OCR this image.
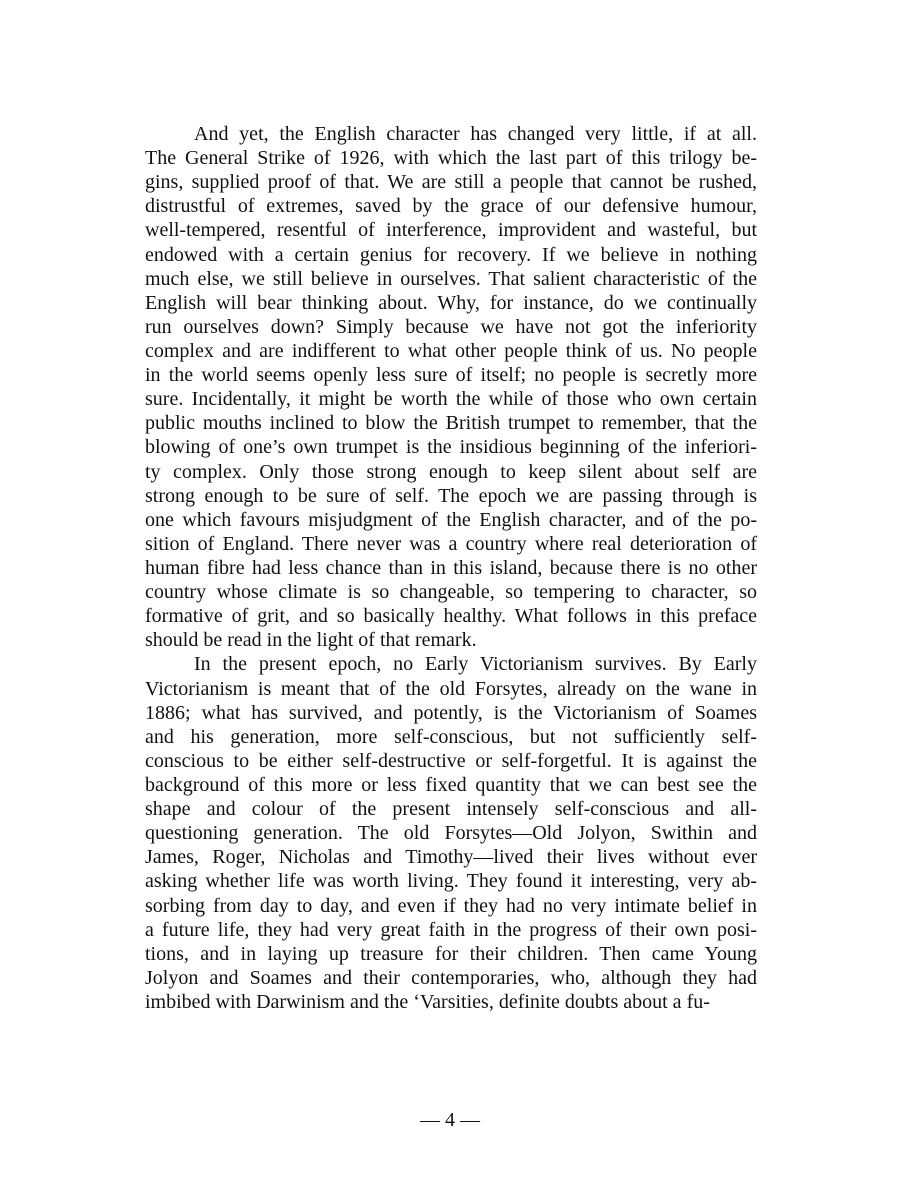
And yet, the English character has changed very little, if at all.
The General Strike of 1926, with which the last part of this trilogy be-
gins, supplied proof of that. We are still a people that cannot be rushed,
distrustful of extremes, saved by the grace of our defensive humour,
well-tempered, resentful of interference, improvident and wasteful, but
endowed with a certain genius for recovery. If we believe in nothing
much else, we still believe in ourselves. That salient characteristic of the
English will bear thinking about. Why, for instance, do we continually
run ourselves down? Simply because we have not got the inferiority
complex and are indifferent to what other people think of us. No people
in the world seems openly less sure of itself; no people is secretly more
sure. Incidentally, it might be worth the while of those who own certain
public mouths inclined to blow the British trumpet to remember, that the
blowing of one’s own trumpet is the insidious beginning of the inferiori-
ty complex. Only those strong enough to keep silent about self are
strong enough to be sure of self. The epoch we are passing through is
one which favours misjudgment of the English character, and of the po-
sition of England. There never was a country where real deterioration of
human fibre had less chance than in this island, because there is no other
country whose climate is so changeable, so tempering to character, so
formative of grit, and so basically healthy. What follows in this preface
should be read in the light of that remark.
In the present epoch, no Early Victorianism survives. By Early
Victorianism is meant that of the old Forsytes, already on the wane in
1886; what has survived, and potently, is the Victorianism of Soames
and his generation, more self-conscious, but not sufficiently self-
conscious to be either self-destructive or self-forgetful. It is against the
background of this more or less fixed quantity that we can best see the
shape and colour of the present intensely self-conscious and all-
questioning generation. The old Forsytes—Old Jolyon, Swithin and
James, Roger, Nicholas and Timothy—lived their lives without ever
asking whether life was worth living. They found it interesting, very ab-
sorbing from day to day, and even if they had no very intimate belief in
a future life, they had very great faith in the progress of their own posi-
tions, and in laying up treasure for their children. Then came Young
Jolyon and Soames and their contemporaries, who, although they had
imbibed with Darwinism and the ‘Varsities, definite doubts about a fu-
— 4 —
